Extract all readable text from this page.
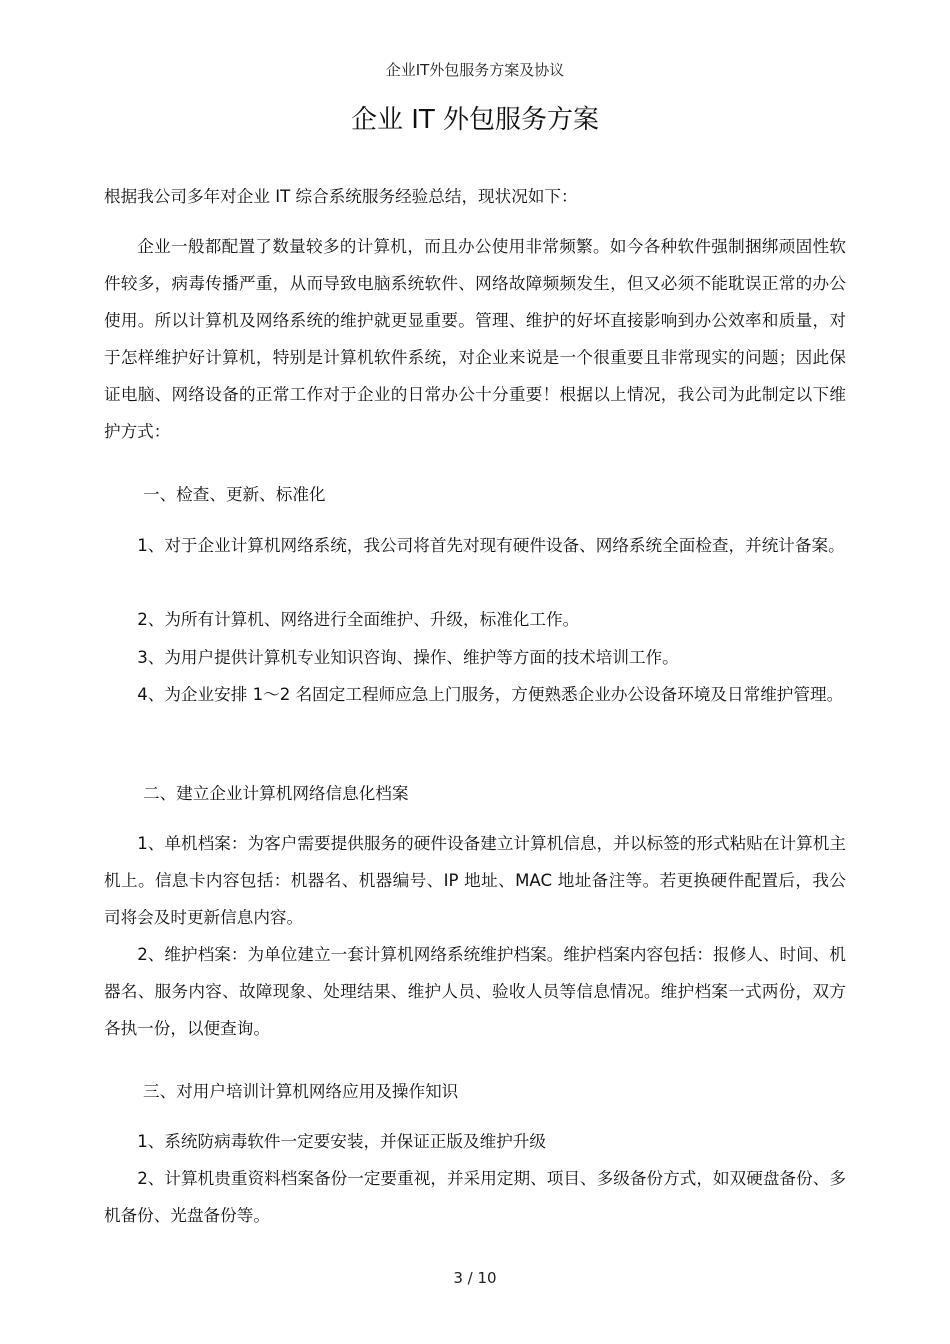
企业IT外包服务方案及协议
企业 IT 外包服务方案

根据我公司多年对企业 IT 综合系统服务经验总结，现状况如下：

企业一般都配置了数量较多的计算机，而且办公使用非常频繁。如今各种软件强制捆绑顽固性软件较多，病毒传播严重，从而导致电脑系统软件、网络故障频频发生，但又必须不能耽误正常的办公使用。所以计算机及网络系统的维护就更显重要。管理、维护的好坏直接影响到办公效率和质量，对于怎样维护好计算机，特别是计算机软件系统，对企业来说是一个很重要且非常现实的问题；因此保证电脑、网络设备的正常工作对于企业的日常办公十分重要！根据以上情况，我公司为此制定以下维护方式：

一、检查、更新、标准化

1、对于企业计算机网络系统，我公司将首先对现有硬件设备、网络系统全面检查，并统计备案。

2、为所有计算机、网络进行全面维护、升级，标准化工作。

3、为用户提供计算机专业知识咨询、操作、维护等方面的技术培训工作。

4、为企业安排 1～2 名固定工程师应急上门服务，方便熟悉企业办公设备环境及日常维护管理。

二、建立企业计算机网络信息化档案

1、单机档案：为客户需要提供服务的硬件设备建立计算机信息，并以标签的形式粘贴在计算机主机上。信息卡内容包括：机器名、机器编号、IP 地址、MAC 地址备注等。若更换硬件配置后，我公司将会及时更新信息内容。

2、维护档案：为单位建立一套计算机网络系统维护档案。维护档案内容包括：报修人、时间、机器名、服务内容、故障现象、处理结果、维护人员、验收人员等信息情况。维护档案一式两份，双方各执一份，以便查询。

三、对用户培训计算机网络应用及操作知识

1、系统防病毒软件一定要安装，并保证正版及维护升级

2、计算机贵重资料档案备份一定要重视，并采用定期、项目、多级备份方式，如双硬盘备份、多机备份、光盘备份等。

3 / 10
